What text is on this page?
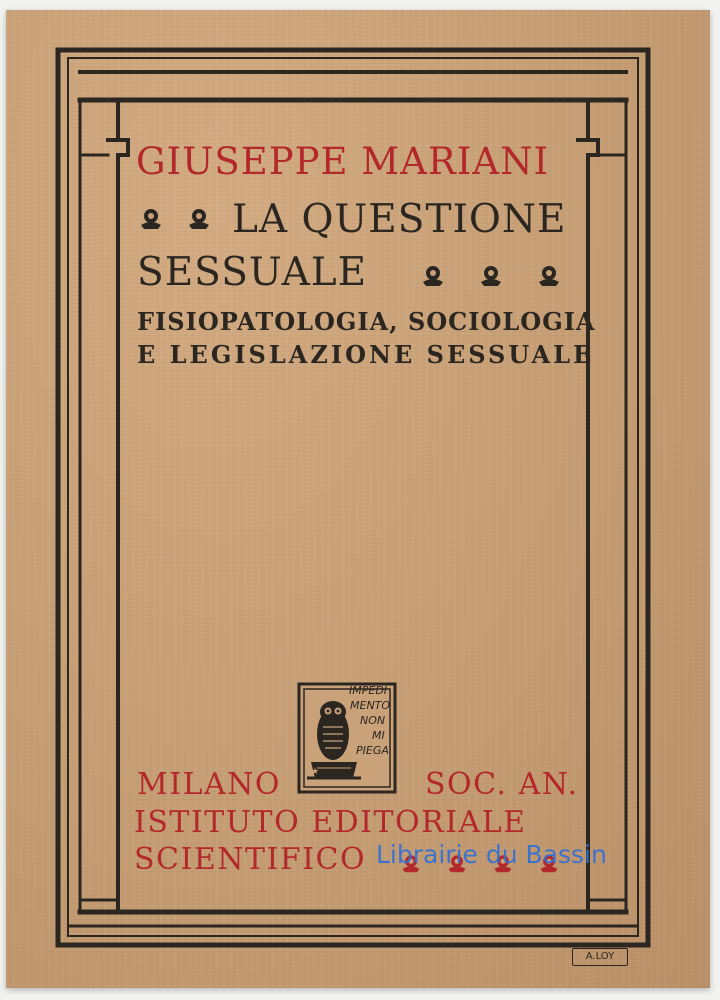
GIUSEPPE MARIANI

LA QUESTIONE

SESSUALE

FISIOPATOLOGIA, SOCIOLOGIA

E LEGISLAZIONE SESSUALE

★
IMPEDI
MENTO
NON
MI
PIEGA

MILANO	SOC. AN.

ISTITUTO EDITORIALE

SCIENTIFICO Librairie du Bassin
A.LOY
